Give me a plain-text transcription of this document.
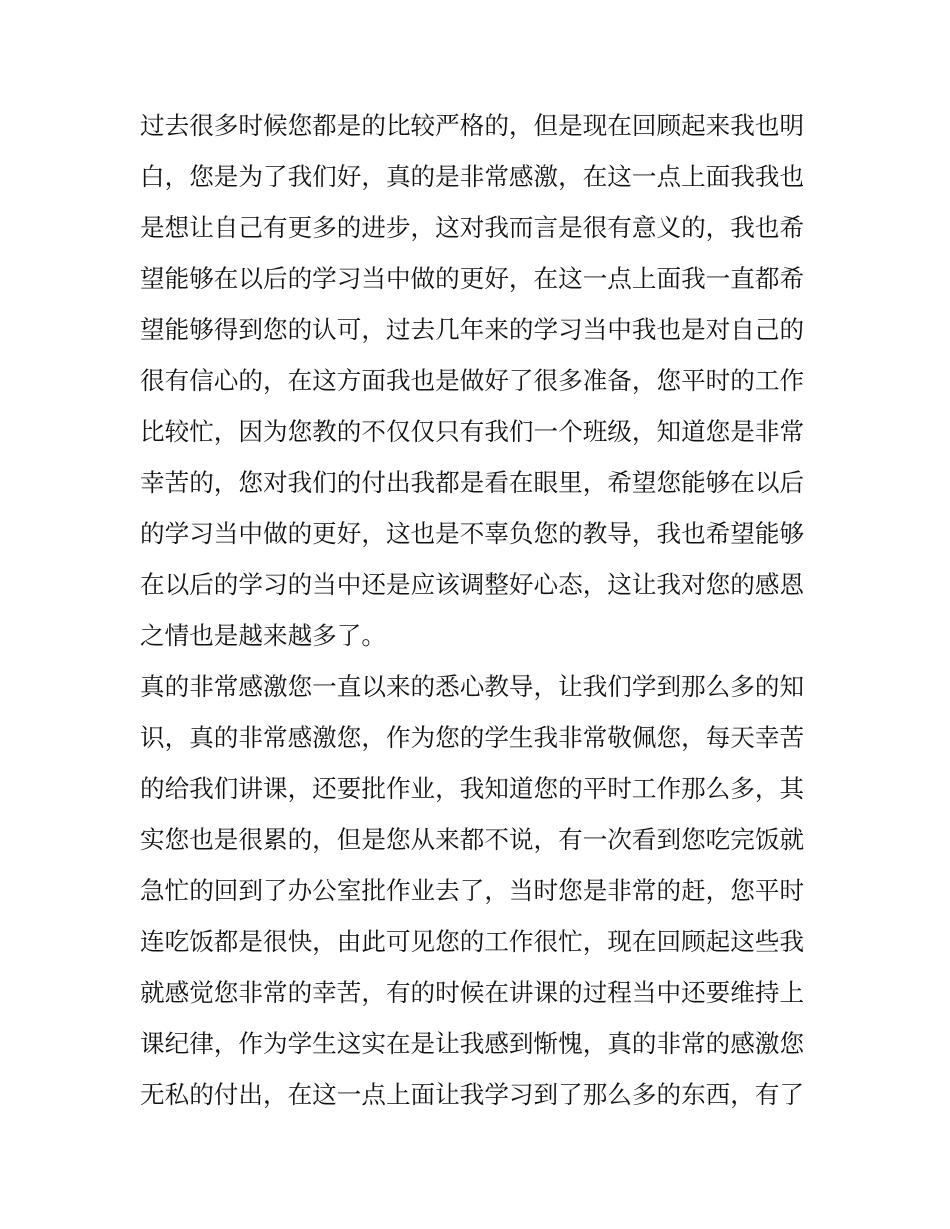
过去很多时候您都是的比较严格的，但是现在回顾起来我也明
白，您是为了我们好，真的是非常感激，在这一点上面我我也
是想让自己有更多的进步，这对我而言是很有意义的，我也希
望能够在以后的学习当中做的更好，在这一点上面我一直都希
望能够得到您的认可，过去几年来的学习当中我也是对自己的
很有信心的，在这方面我也是做好了很多准备，您平时的工作
比较忙，因为您教的不仅仅只有我们一个班级，知道您是非常
幸苦的，您对我们的付出我都是看在眼里，希望您能够在以后
的学习当中做的更好，这也是不辜负您的教导，我也希望能够
在以后的学习的当中还是应该调整好心态，这让我对您的感恩
之情也是越来越多了。
真的非常感激您一直以来的悉心教导，让我们学到那么多的知
识，真的非常感激您，作为您的学生我非常敬佩您，每天幸苦
的给我们讲课，还要批作业，我知道您的平时工作那么多，其
实您也是很累的，但是您从来都不说，有一次看到您吃完饭就
急忙的回到了办公室批作业去了，当时您是非常的赶，您平时
连吃饭都是很快，由此可见您的工作很忙，现在回顾起这些我
就感觉您非常的幸苦，有的时候在讲课的过程当中还要维持上
课纪律，作为学生这实在是让我感到惭愧，真的非常的感激您
无私的付出，在这一点上面让我学习到了那么多的东西，有了
